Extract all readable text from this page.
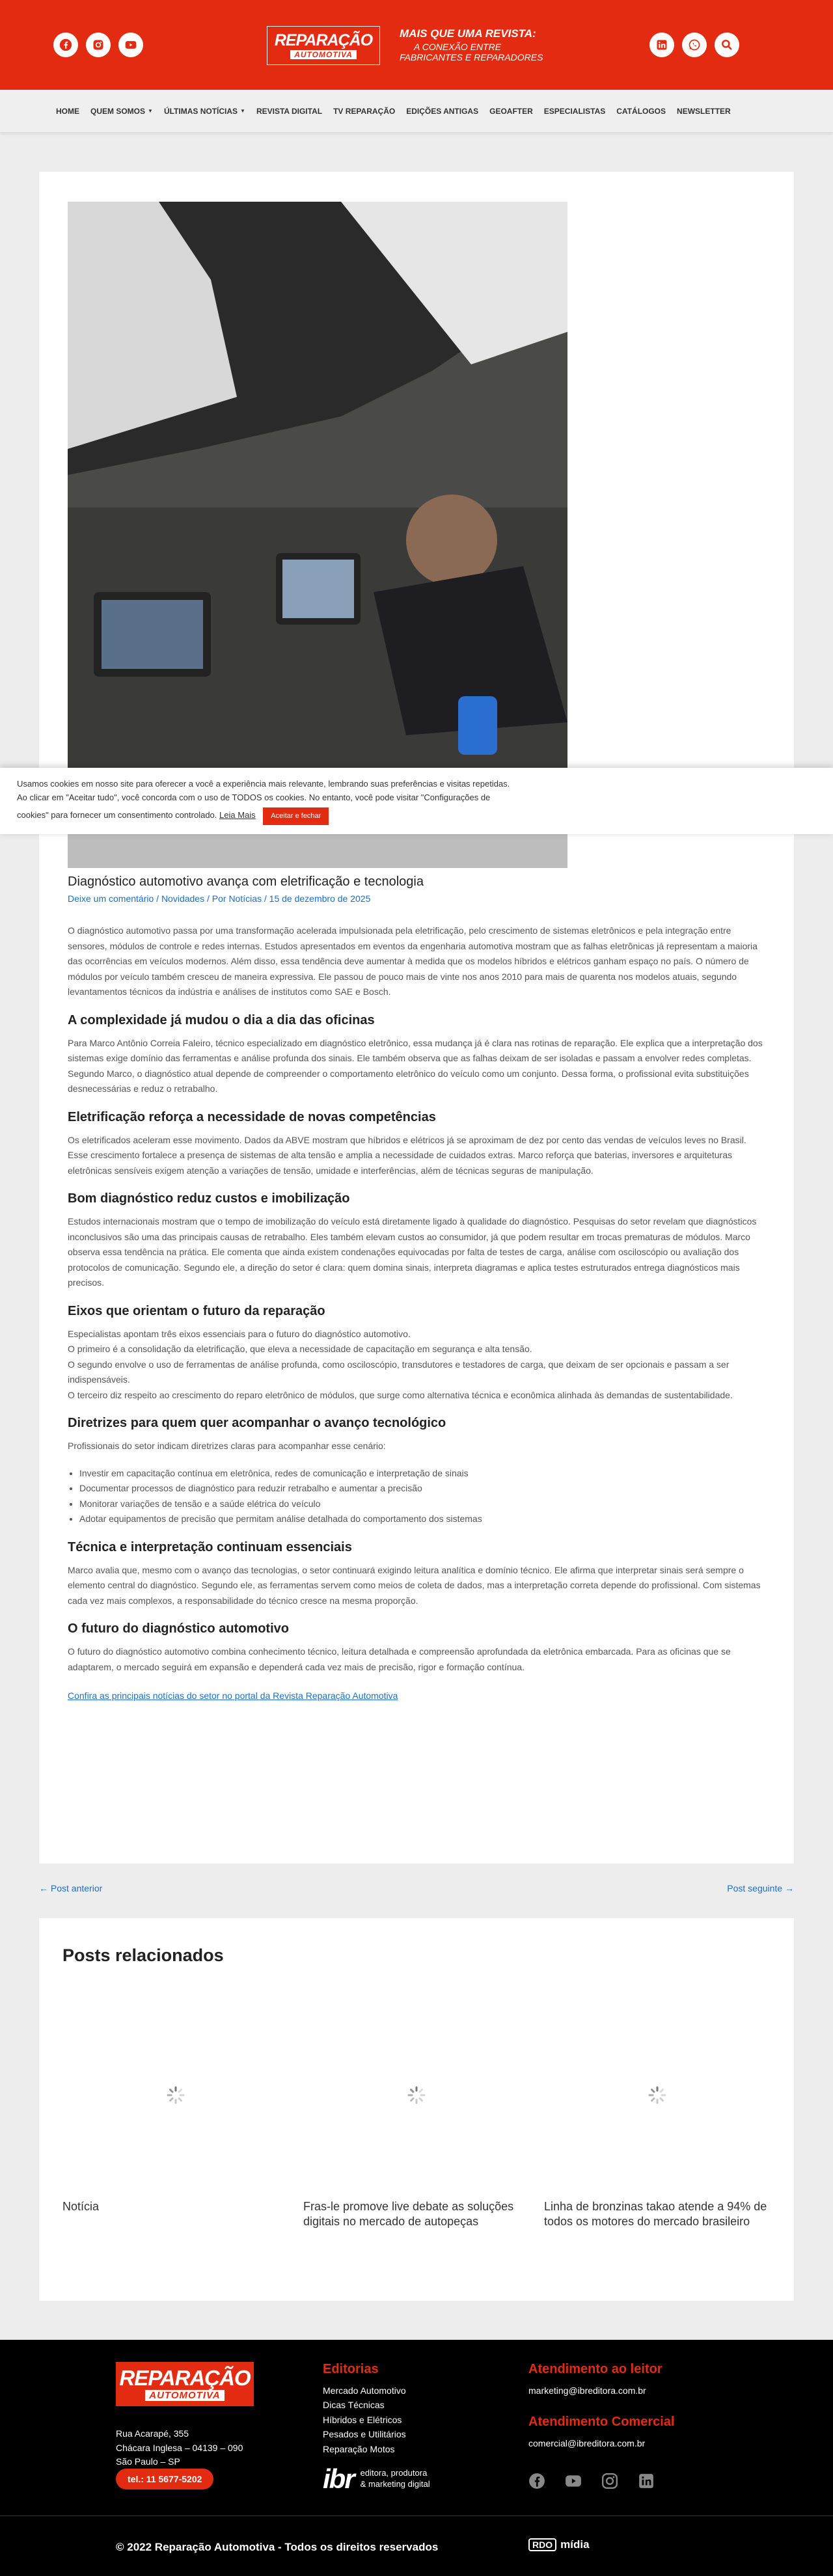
REPARAÇÃO
AUTOMOTIVA
MAIS QUE UMA REVISTA:
A CONEXÃO ENTRE
FABRICANTES E REPARADORES
HOME QUEM SOMOS ▼ ÚLTIMAS NOTÍCIAS ▼ REVISTA DIGITAL TV REPARAÇÃO EDIÇÕES ANTIGAS GEOAFTER ESPECIALISTAS CATÁLOGOS NEWSLETTER
Usamos cookies em nosso site para oferecer a você a experiência mais relevante, lembrando suas preferências e visitas repetidas.
Ao clicar em "Aceitar tudo", você concorda com o uso de TODOS os cookies. No entanto, você pode visitar "Configurações de
cookies" para fornecer um consentimento controlado. Leia Mais Aceitar e fechar
Diagnóstico automotivo avança com eletrificação e tecnologia
Deixe um comentário / Novidades / Por Notícias / 15 de dezembro de 2025

O diagnóstico automotivo passa por uma transformação acelerada impulsionada pela eletrificação, pelo crescimento de sistemas eletrônicos e pela integração entre sensores, módulos de controle e redes internas. Estudos apresentados em eventos da engenharia automotiva mostram que as falhas eletrônicas já representam a maioria das ocorrências em veículos modernos. Além disso, essa tendência deve aumentar à medida que os modelos híbridos e elétricos ganham espaço no país. O número de módulos por veículo também cresceu de maneira expressiva. Ele passou de pouco mais de vinte nos anos 2010 para mais de quarenta nos modelos atuais, segundo levantamentos técnicos da indústria e análises de institutos como SAE e Bosch.

A complexidade já mudou o dia a dia das oficinas

Para Marco Antônio Correia Faleiro, técnico especializado em diagnóstico eletrônico, essa mudança já é clara nas rotinas de reparação. Ele explica que a interpretação dos sistemas exige domínio das ferramentas e análise profunda dos sinais. Ele também observa que as falhas deixam de ser isoladas e passam a envolver redes completas. Segundo Marco, o diagnóstico atual depende de compreender o comportamento eletrônico do veículo como um conjunto. Dessa forma, o profissional evita substituições desnecessárias e reduz o retrabalho.

Eletrificação reforça a necessidade de novas competências

Os eletrificados aceleram esse movimento. Dados da ABVE mostram que híbridos e elétricos já se aproximam de dez por cento das vendas de veículos leves no Brasil. Esse crescimento fortalece a presença de sistemas de alta tensão e amplia a necessidade de cuidados extras. Marco reforça que baterias, inversores e arquiteturas eletrônicas sensíveis exigem atenção a variações de tensão, umidade e interferências, além de técnicas seguras de manipulação.

Bom diagnóstico reduz custos e imobilização

Estudos internacionais mostram que o tempo de imobilização do veículo está diretamente ligado à qualidade do diagnóstico. Pesquisas do setor revelam que diagnósticos inconclusivos são uma das principais causas de retrabalho. Eles também elevam custos ao consumidor, já que podem resultar em trocas prematuras de módulos. Marco observa essa tendência na prática. Ele comenta que ainda existem condenações equivocadas por falta de testes de carga, análise com osciloscópio ou avaliação dos protocolos de comunicação. Segundo ele, a direção do setor é clara: quem domina sinais, interpreta diagramas e aplica testes estruturados entrega diagnósticos mais precisos.

Eixos que orientam o futuro da reparação

Especialistas apontam três eixos essenciais para o futuro do diagnóstico automotivo.

O primeiro é a consolidação da eletrificação, que eleva a necessidade de capacitação em segurança e alta tensão.

O segundo envolve o uso de ferramentas de análise profunda, como osciloscópio, transdutores e testadores de carga, que deixam de ser opcionais e passam a ser indispensáveis.

O terceiro diz respeito ao crescimento do reparo eletrônico de módulos, que surge como alternativa técnica e econômica alinhada às demandas de sustentabilidade.

Diretrizes para quem quer acompanhar o avanço tecnológico

Profissionais do setor indicam diretrizes claras para acompanhar esse cenário:

• Investir em capacitação contínua em eletrônica, redes de comunicação e interpretação de sinais
• Documentar processos de diagnóstico para reduzir retrabalho e aumentar a precisão
• Monitorar variações de tensão e a saúde elétrica do veículo
• Adotar equipamentos de precisão que permitam análise detalhada do comportamento dos sistemas
Técnica e interpretação continuam essenciais

Marco avalia que, mesmo com o avanço das tecnologias, o setor continuará exigindo leitura analítica e domínio técnico. Ele afirma que interpretar sinais será sempre o elemento central do diagnóstico. Segundo ele, as ferramentas servem como meios de coleta de dados, mas a interpretação correta depende do profissional. Com sistemas cada vez mais complexos, a responsabilidade do técnico cresce na mesma proporção.

O futuro do diagnóstico automotivo

O futuro do diagnóstico automotivo combina conhecimento técnico, leitura detalhada e compreensão aprofundada da eletrônica embarcada. Para as oficinas que se adaptarem, o mercado seguirá em expansão e dependerá cada vez mais de precisão, rigor e formação contínua.

Confira as principais notícias do setor no portal da Revista Reparação Automotiva

← Post anterior	Post seguinte →
Posts relacionados
Notícia	Fras-le promove live debate as soluções digitais no mercado de autopeças
Linha de bronzinas takao atende a 94% de todos os motores do mercado brasileiro
REPARAÇÃO
AUTOMOTIVA
Rua Acarapé, 355
Chácara Inglesa – 04139 – 090
São Paulo – SP
tel.: 11 5677-5202
Editorias
Mercado Automotivo
Dicas Técnicas
Híbridos e Elétricos
Pesados e Utilitários
Reparação Motos
ibr editora, produtora
& marketing digital
Atendimento ao leitor
marketing@ibreditora.com.br
Atendimento Comercial
comercial@ibreditora.com.br
© 2022 Reparação Automotiva - Todos os direitos reservados	RDO mídia
